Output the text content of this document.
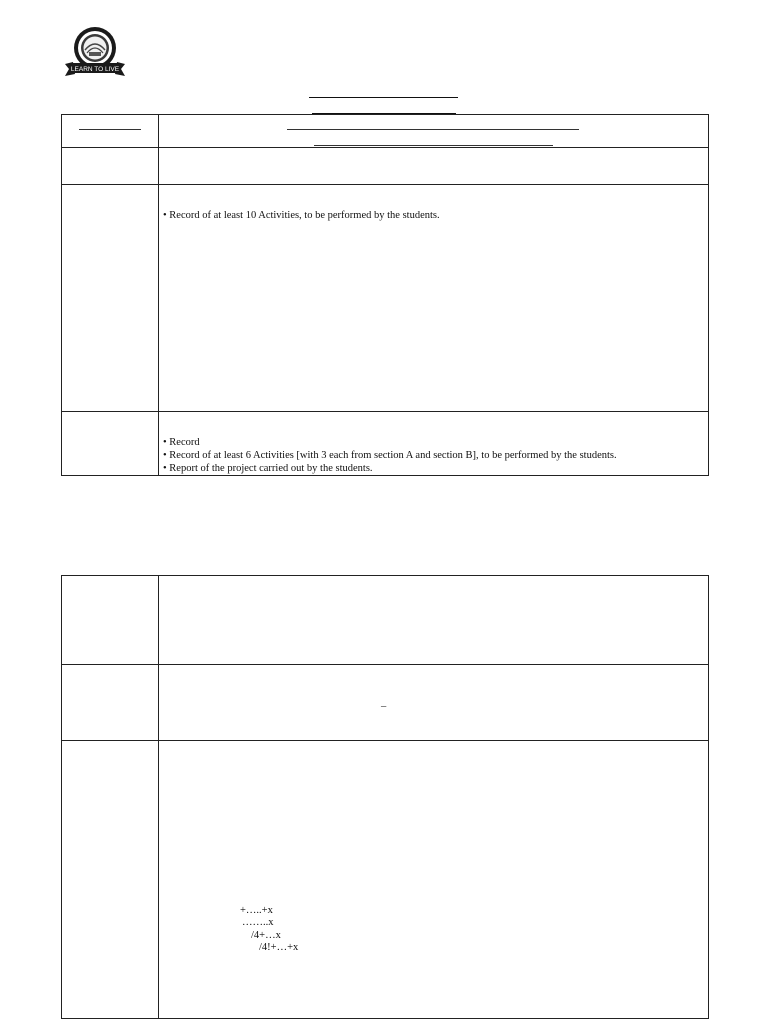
LEARN TO LIVE
• Record of at least 10 Activities, to be performed by the students.
• Record
• Record of at least 6 Activities [with 3 each from section A and section B], to be performed by the students.
• Report of the project carried out by the students.
–
+…..+x
……..x
/4+…x
/4!+…+x
